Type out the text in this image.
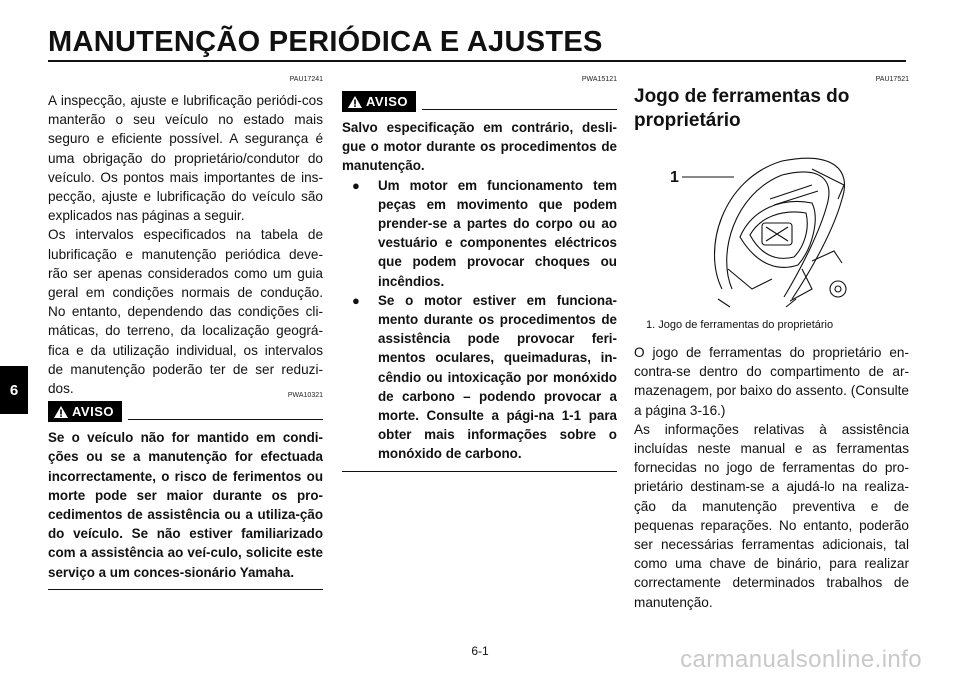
MANUTENÇÃO PERIÓDICA E AJUSTES
6

PAU17241

A inspecção, ajuste e lubrificação periódi-cos manterão o seu veículo no estado mais seguro e eficiente possível. A segurança é uma obrigação do proprietário/condutor do veículo. Os pontos mais importantes de ins-pecção, ajuste e lubrificação do veículo são explicados nas páginas a seguir.

Os intervalos especificados na tabela de lubrificação e manutenção periódica deve-rão ser apenas considerados como um guia geral em condições normais de condução. No entanto, dependendo das condições cli-máticas, do terreno, da localização geográ-fica e da utilização individual, os intervalos de manutenção poderão ter de ser reduzi-dos.	PWA10321

AVISO

Se o veículo não for mantido em condi-ções ou se a manutenção for efectuada incorrectamente, o risco de ferimentos ou morte pode ser maior durante os pro-cedimentos de assistência ou a utiliza-ção do veículo. Se não estiver familiarizado com a assistência ao veí-culo, solicite este serviço a um conces-sionário Yamaha.

PWA15121

AVISO

Salvo especificação em contrário, desli-gue o motor durante os procedimentos de manutenção.

●	Um motor em funcionamento tem peças em movimento que podem prender-se a partes do corpo ou ao vestuário e componentes eléctricos que podem provocar choques ou incêndios.

●	Se o motor estiver em funciona-mento durante os procedimentos de assistência pode provocar feri-mentos oculares, queimaduras, in-cêndio ou intoxicação por monóxido de carbono – podendo provocar a morte. Consulte a pági-na 1-1 para obter mais informações sobre o monóxido de carbono.

PAU17521

Jogo de ferramentas do proprietário
1

1. Jogo de ferramentas do proprietário

O jogo de ferramentas do proprietário en-contra-se dentro do compartimento de ar-mazenagem, por baixo do assento. (Consulte a página 3-16.)

As informações relativas à assistência incluídas neste manual e as ferramentas fornecidas no jogo de ferramentas do pro-prietário destinam-se a ajudá-lo na realiza-ção da manutenção preventiva e de pequenas reparações. No entanto, poderão ser necessárias ferramentas adicionais, tal como uma chave de binário, para realizar correctamente determinados trabalhos de manutenção.

6-1	carmanualsonline.info
